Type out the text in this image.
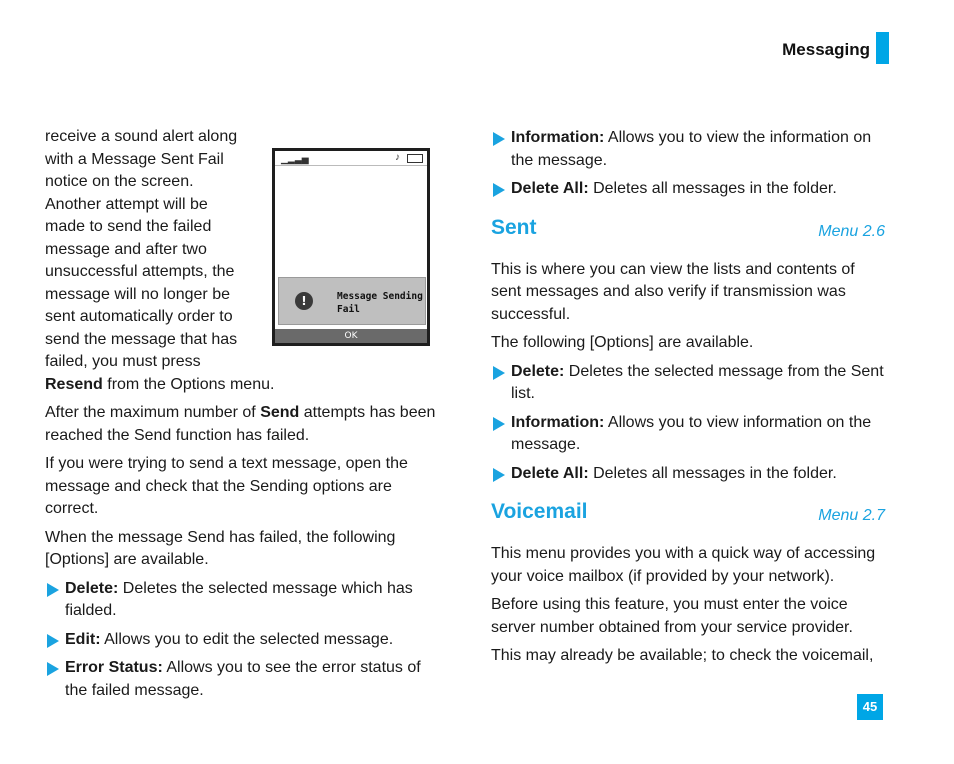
Messaging

receive a sound alert along
with a Message Sent Fail
notice on the screen.
Another attempt will be
made to send the failed
message and after two
unsuccessful attempts, the
message will no longer be
sent automatically order to
send the message that has
failed, you must press
Resend from the Options menu.

After the maximum number of Send attempts has been reached the Send function has failed.

If you were trying to send a text message, open the message and check that the Sending options are correct.

When the message Send has failed, the following [Options] are available.

Delete: Deletes the selected message which has fialded.
Edit: Allows you to edit the selected message.
Error Status: Allows you to see the error status of the failed message.
▁▂▃▅	♪
!	Message Sending
Fail
OK
Information: Allows you to view the information on the message.
Delete All: Deletes all messages in the folder.
Sent	Menu 2.6

This is where you can view the lists and contents of sent messages and also verify if transmission was successful.

The following [Options] are available.

Delete: Deletes the selected message from the Sent list.
Information: Allows you to view information on the message.
Delete All: Deletes all messages in the folder.
Voicemail	Menu 2.7

This menu provides you with a quick way of accessing your voice mailbox (if provided by your network).

Before using this feature, you must enter the voice server number obtained from your service provider.

This may already be available; to check the voicemail,

45
